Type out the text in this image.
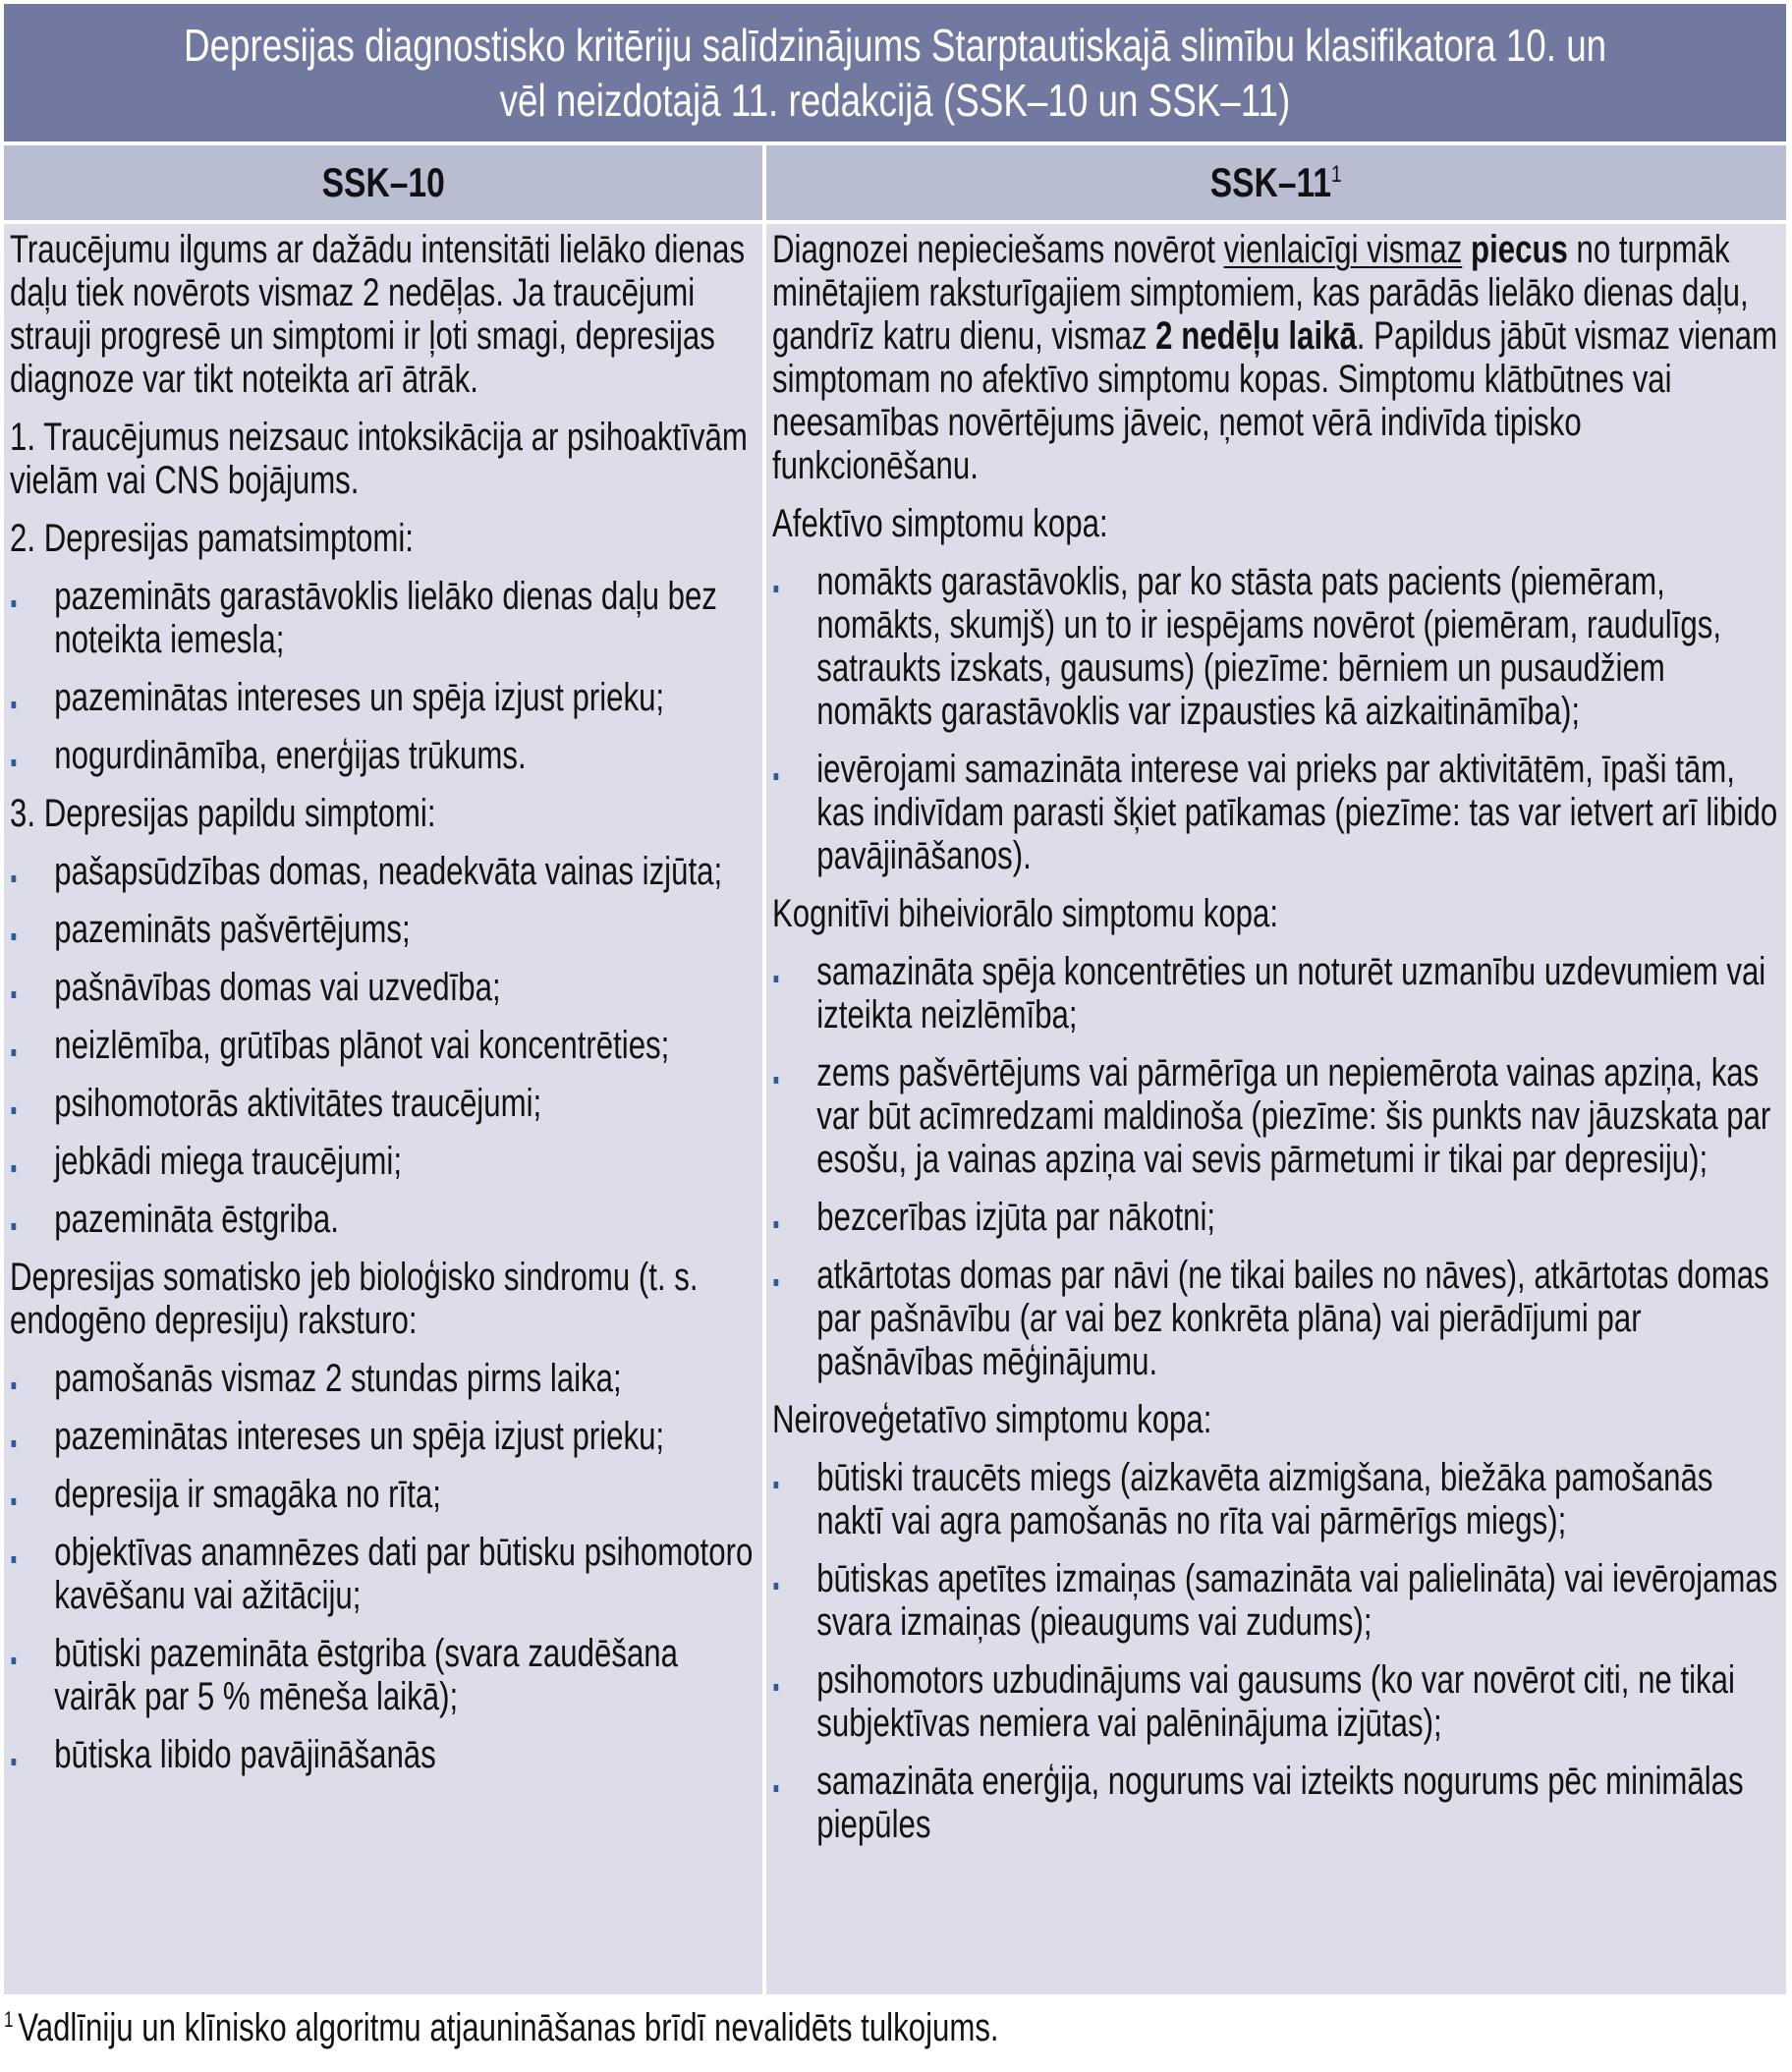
Depresijas diagnostisko kritēriju salīdzinājums Starptautiskajā slimību klasifikatora 10. un
vēl neizdotajā 11. redakcijā (SSK–10 un SSK–11)
SSK–10	SSK–$11^1$

Traucējumu ilgums ar dažādu intensitāti lielāko dienas daļu tiek novērots vismaz 2 nedēļas. Ja traucējumi strauji progresē un simptomi ir ļoti smagi, depresijas diagnoze var tikt noteikta arī ātrāk.

1. Traucējumus neizsauc intoksikācija ar psihoaktīvām vielām vai CNS bojājums.

2. Depresijas pamatsimptomi:

pazemināts garastāvoklis lielāko dienas daļu bez noteikta iemesla;
pazeminātas intereses un spēja izjust prieku;
nogurdināmība, enerģijas trūkums.

3. Depresijas papildu simptomi:

pašapsūdzības domas, neadekvāta vainas izjūta;
pazemināts pašvērtējums;
pašnāvības domas vai uzvedība;
neizlēmība, grūtības plānot vai koncentrēties;
psihomotorās aktivitātes traucējumi;
jebkādi miega traucējumi;
pazemināta ēstgriba.

Depresijas somatisko jeb bioloģisko sindromu (t. s. endogēno depresiju) raksturo:

pamošanās vismaz 2 stundas pirms laika;
pazeminātas intereses un spēja izjust prieku;
depresija ir smagāka no rīta;
objektīvas anamnēzes dati par būtisku psihomotoro kavēšanu vai ažitāciju;
būtiski pazemināta ēstgriba (svara zaudēšana vairāk par 5 % mēneša laikā);
būtiska libido pavājināšanās

Diagnozei nepieciešams novērot vienlaicīgi vismaz piecus no turpmāk minētajiem raksturīgajiem simptomiem, kas parādās lielāko dienas daļu, gandrīz katru dienu, vismaz 2 nedēļu laikā. Papildus jābūt vismaz vienam simptomam no afektīvo simptomu kopas. Simptomu klātbūtnes vai neesamības novērtējums jāveic, ņemot vērā indivīda tipisko funkcionēšanu.

Afektīvo simptomu kopa:

nomākts garastāvoklis, par ko stāsta pats pacients (piemēram, nomākts, skumjš) un to ir iespējams novērot (piemēram, raudulīgs, satraukts izskats, gausums) (piezīme: bērniem un pusaudžiem nomākts garastāvoklis var izpausties kā aizkaitināmība);
ievērojami samazināta interese vai prieks par aktivitātēm, īpaši tām, kas indivīdam parasti šķiet patīkamas (piezīme: tas var ietvert arī libido pavājināšanos).

Kognitīvi biheiviorālo simptomu kopa:

samazināta spēja koncentrēties un noturēt uzmanību uzdevumiem vai izteikta neizlēmība;
zems pašvērtējums vai pārmērīga un nepiemērota vainas apziņa, kas var būt acīmredzami maldinoša (piezīme: šis punkts nav jāuzskata par esošu, ja vainas apziņa vai sevis pārmetumi ir tikai par depresiju);
bezcerības izjūta par nākotni;
atkārtotas domas par nāvi (ne tikai bailes no nāves), atkārtotas domas par pašnāvību (ar vai bez konkrēta plāna) vai pierādījumi par pašnāvības mēģinājumu.

Neiroveģetatīvo simptomu kopa:

būtiski traucēts miegs (aizkavēta aizmigšana, biežāka pamošanās naktī vai agra pamošanās no rīta vai pārmērīgs miegs);
būtiskas apetītes izmaiņas (samazināta vai palielināta) vai ievērojamas svara izmaiņas (pieaugums vai zudums);
psihomotors uzbudinājums vai gausums (ko var novērot citi, ne tikai subjektīvas nemiera vai palēninājuma izjūtas);
samazināta enerģija, nogurums vai izteikts nogurums pēc minimālas piepūles
$^1$ Vadlīniju un klīnisko algoritmu atjaunināšanas brīdī nevalidēts tulkojums.
